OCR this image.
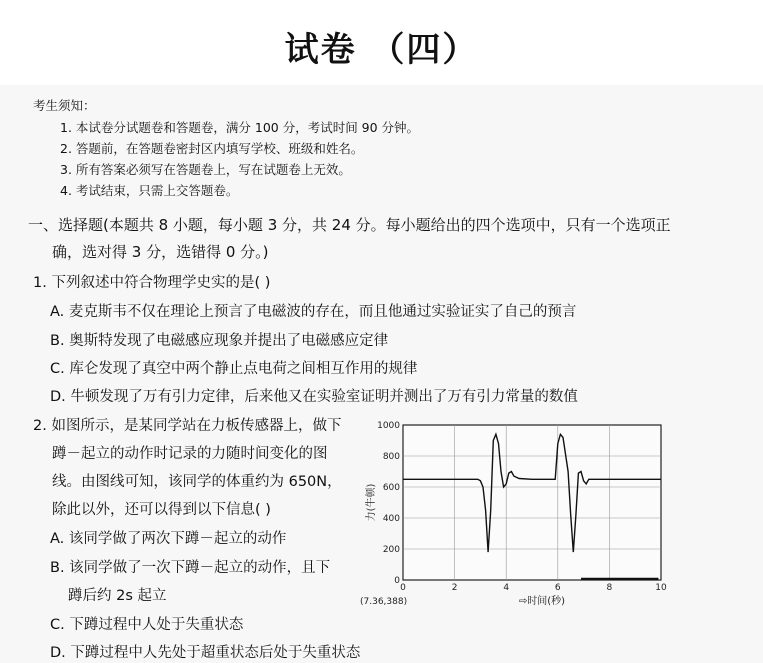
试卷 （四）
考生须知：
1. 本试卷分试题卷和答题卷，满分 100 分，考试时间 90 分钟。
2. 答题前，在答题卷密封区内填写学校、班级和姓名。
3. 所有答案必须写在答题卷上，写在试题卷上无效。
4. 考试结束，只需上交答题卷。
一、选择题(本题共 8 小题，每小题 3 分，共 24 分。每小题给出的四个选项中，只有一个选项正
确，选对得 3 分，选错得 0 分。)
1. 下列叙述中符合物理学史实的是( )
A. 麦克斯韦不仅在理论上预言了电磁波的存在，而且他通过实验证实了自己的预言
B. 奥斯特发现了电磁感应现象并提出了电磁感应定律
C. 库仑发现了真空中两个静止点电荷之间相互作用的规律
D. 牛顿发现了万有引力定律，后来他又在实验室证明并测出了万有引力常量的数值
2. 如图所示，是某同学站在力板传感器上，做下
蹲－起立的动作时记录的力随时间变化的图
线。由图线可知，该同学的体重约为 650N，
除此以外，还可以得到以下信息( )
A. 该同学做了两次下蹲－起立的动作
B. 该同学做了一次下蹲－起立的动作，且下
蹲后约 2s 起立
C. 下蹲过程中人处于失重状态
D. 下蹲过程中人先处于超重状态后处于失重状态
0
200
400
600
800
1000
0	2	4	6	8	10
⇨时间(秒)
力(牛顿)
(7.36,388)
